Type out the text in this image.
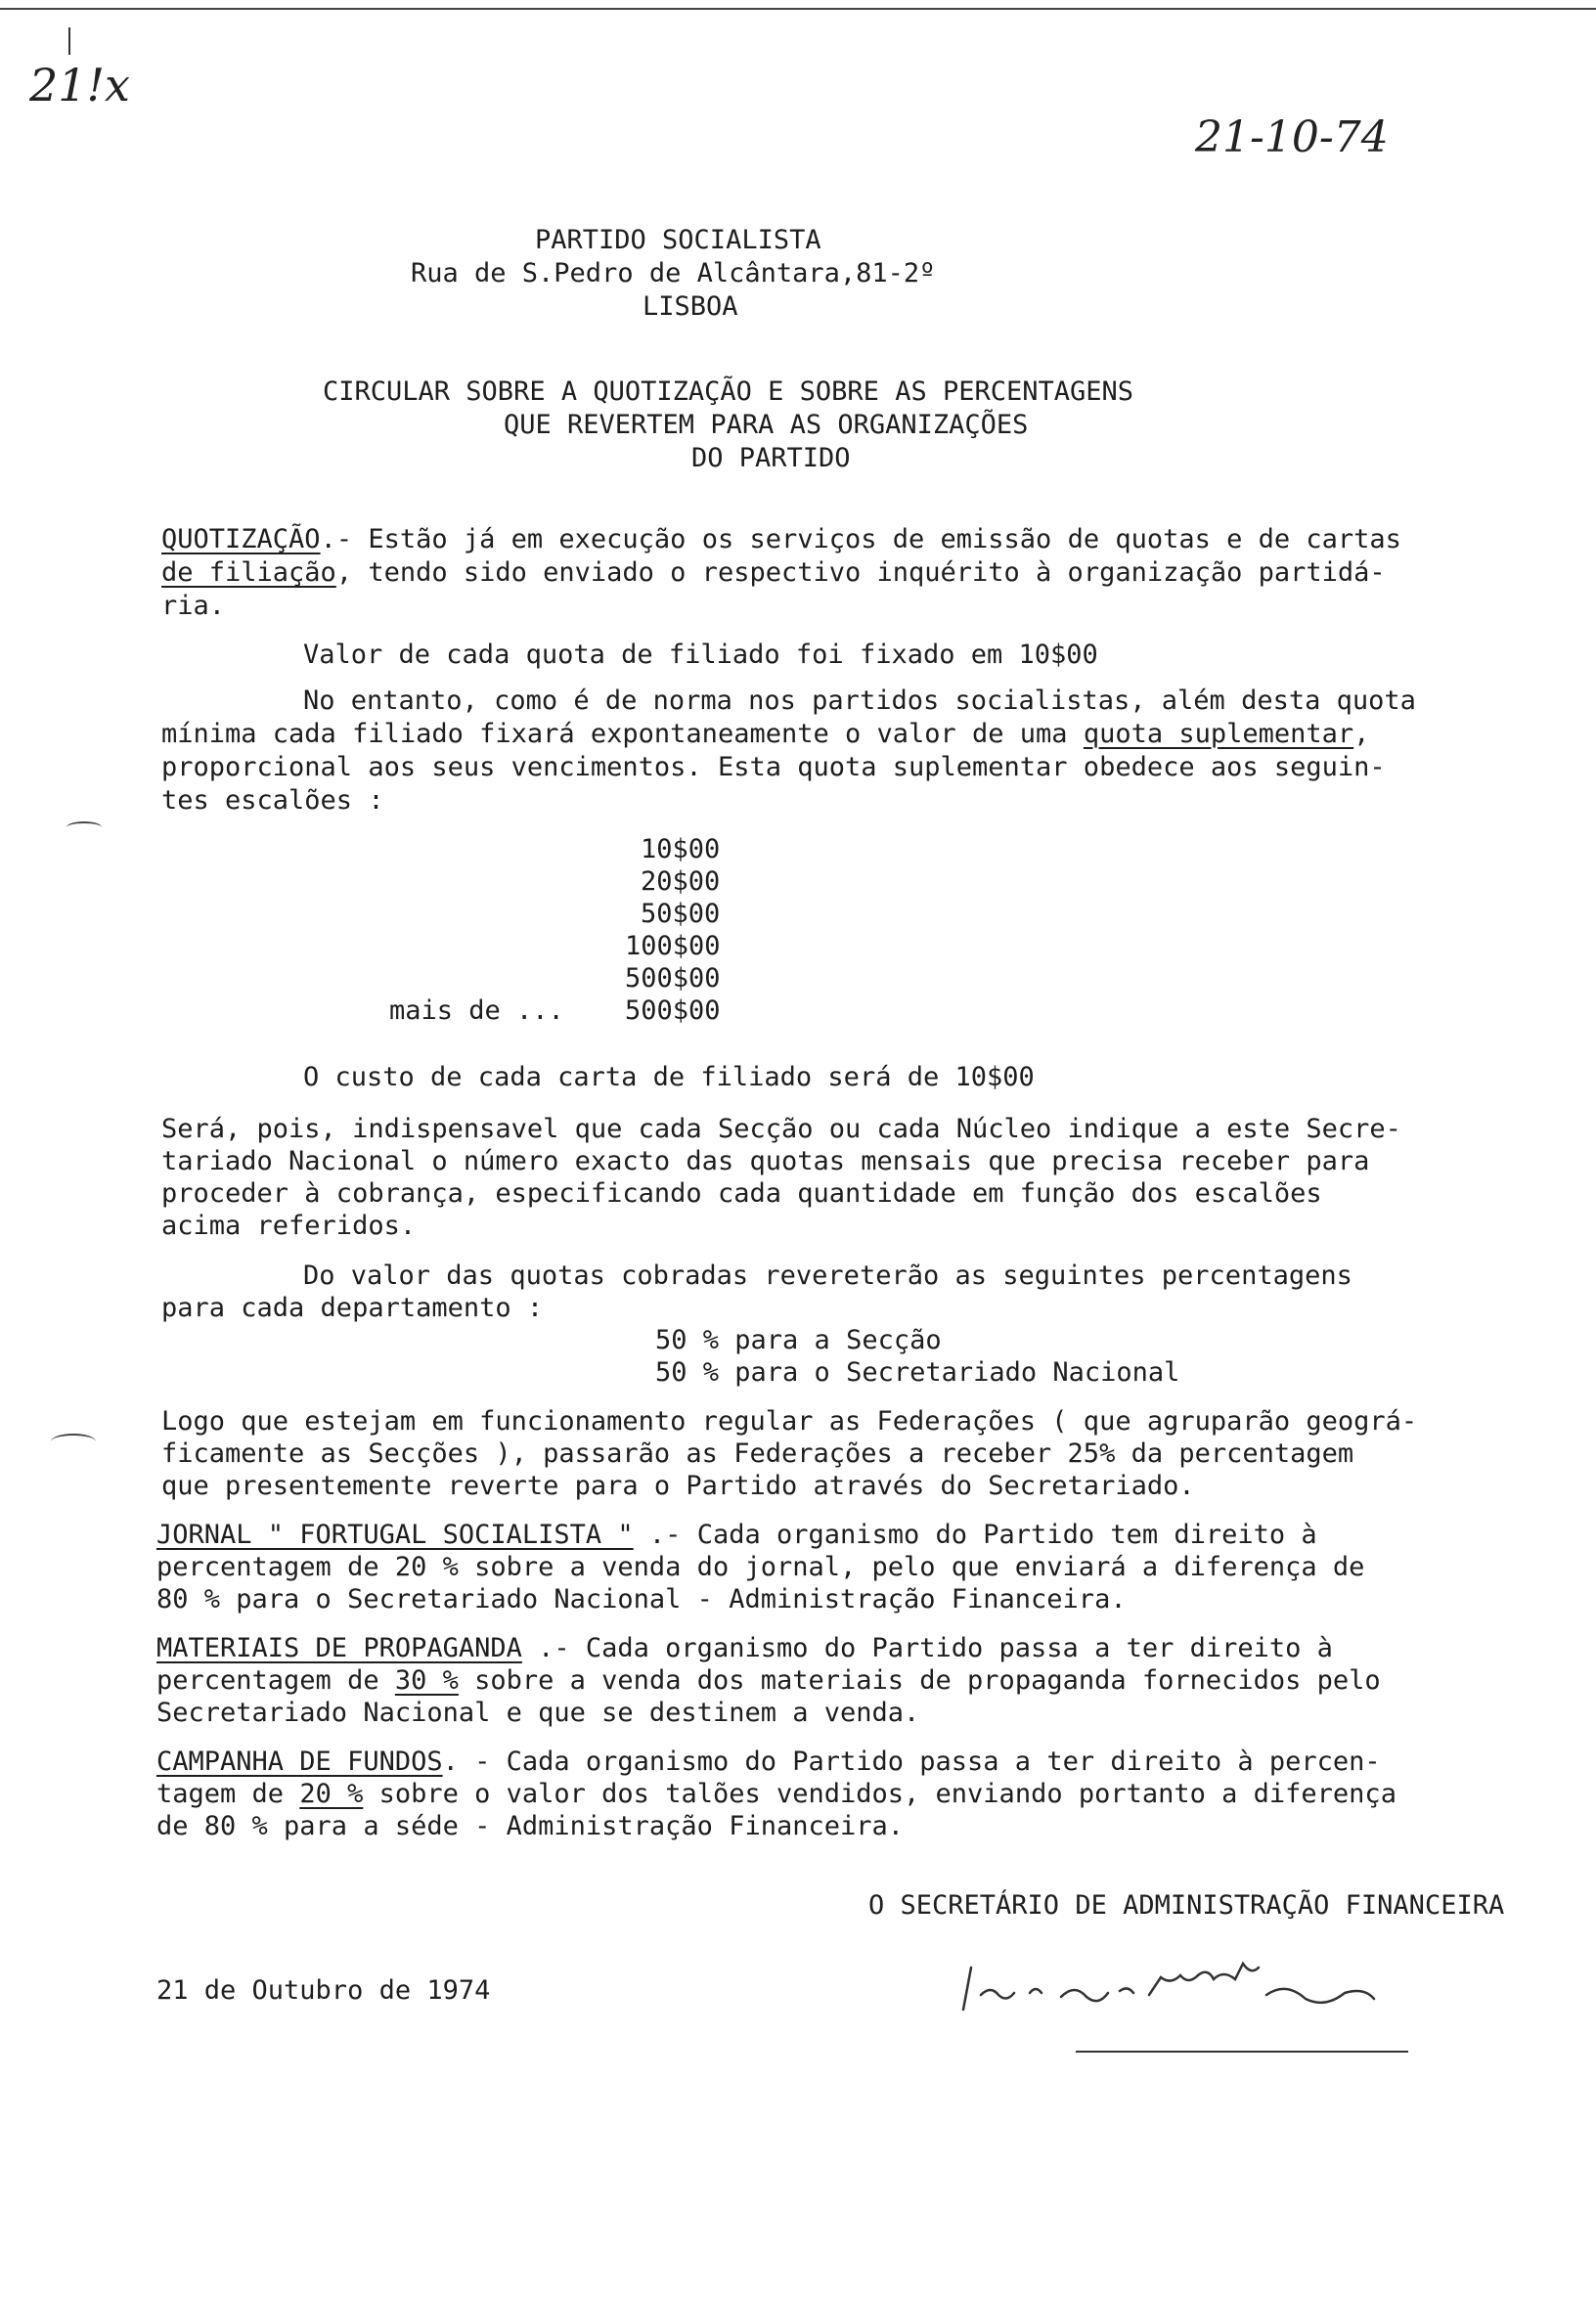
21!x
21-10-74
PARTIDO SOCIALISTA
Rua de S.Pedro de Alcântara,81-2º
LISBOA
CIRCULAR SOBRE A QUOTIZAÇÃO E SOBRE AS PERCENTAGENS
QUE REVERTEM PARA AS ORGANIZAÇÕES
DO PARTIDO
QUOTIZAÇÃO.- Estão já em execução os serviços de emissão de quotas e de cartas
de filiação, tendo sido enviado o respectivo inquérito à organização partidá-
ria.
Valor de cada quota de filiado foi fixado em 10$00
No entanto, como é de norma nos partidos socialistas, além desta quota
mínima cada filiado fixará expontaneamente o valor de uma quota suplementar,
proporcional aos seus vencimentos. Esta quota suplementar obedece aos seguin-
tes escalões :
10$00
20$00
50$00
100$00
500$00
mais de ... 500$00
O custo de cada carta de filiado será de 10$00
Será, pois, indispensavel que cada Secção ou cada Núcleo indique a este Secre-
tariado Nacional o número exacto das quotas mensais que precisa receber para
proceder à cobrança, especificando cada quantidade em função dos escalões
acima referidos.
Do valor das quotas cobradas revereterão as seguintes percentagens
para cada departamento :
50 % para a Secção
50 % para o Secretariado Nacional
Logo que estejam em funcionamento regular as Federações ( que agruparão geográ-
ficamente as Secções ), passarão as Federações a receber 25% da percentagem
que presentemente reverte para o Partido através do Secretariado.
JORNAL " FORTUGAL SOCIALISTA " .- Cada organismo do Partido tem direito à
percentagem de 20 % sobre a venda do jornal, pelo que enviará a diferença de
80 % para o Secretariado Nacional - Administração Financeira.
MATERIAIS DE PROPAGANDA .- Cada organismo do Partido passa a ter direito à
percentagem de 30 % sobre a venda dos materiais de propaganda fornecidos pelo
Secretariado Nacional e que se destinem a venda.
CAMPANHA DE FUNDOS. - Cada organismo do Partido passa a ter direito à percen-
tagem de 20 % sobre o valor dos talões vendidos, enviando portanto a diferença
de 80 % para a séde - Administração Financeira.
O SECRETÁRIO DE ADMINISTRAÇÃO FINANCEIRA
21 de Outubro de 1974
